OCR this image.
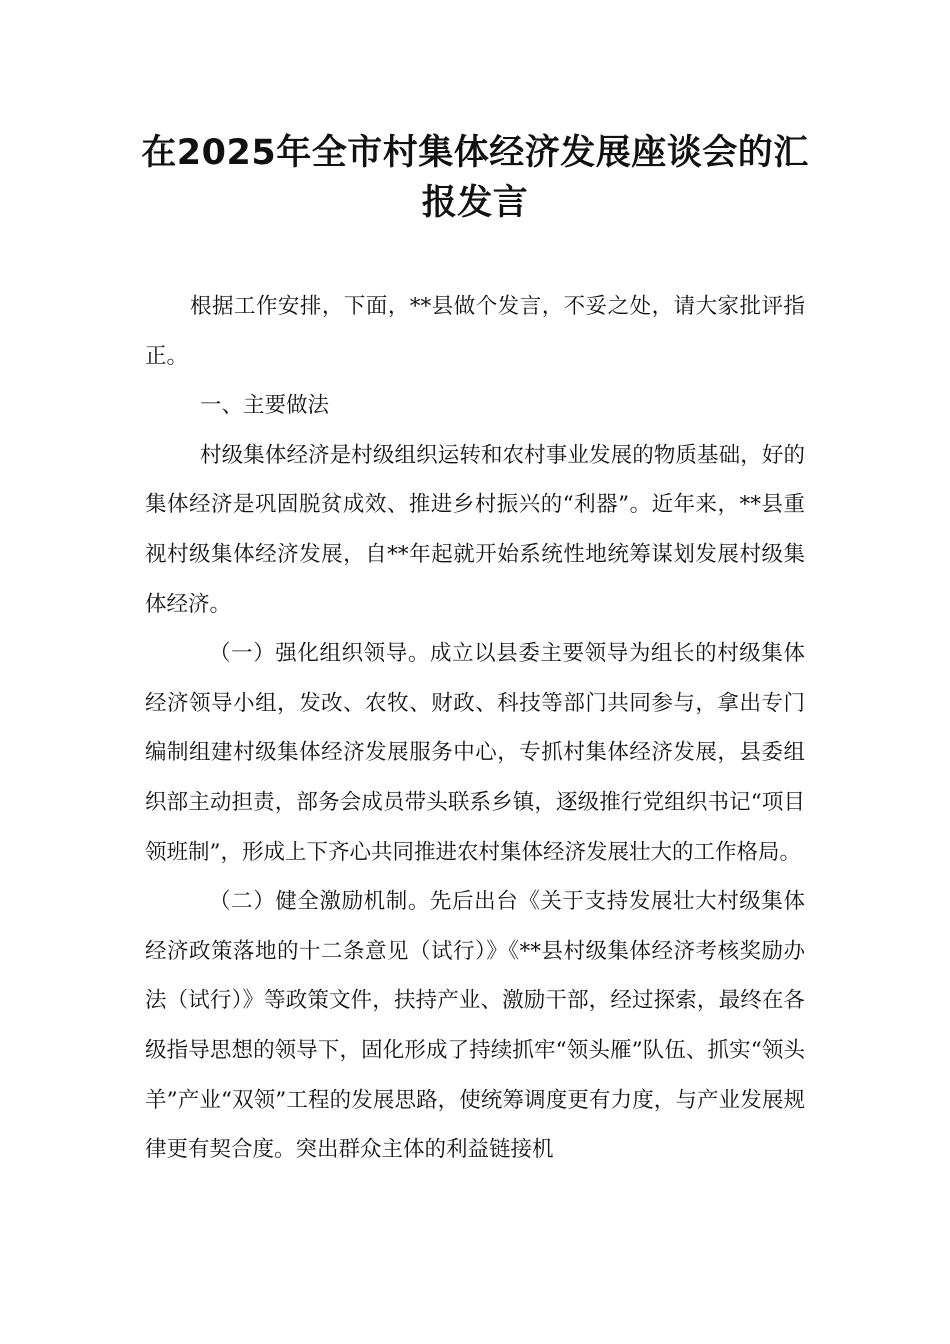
在2025年全市村集体经济发展座谈会的汇报发言

根据工作安排，下面，**县做个发言，不妥之处，请大家批评指正。

一、主要做法

村级集体经济是村级组织运转和农村事业发展的物质基础，好的集体经济是巩固脱贫成效、推进乡村振兴的“利器”。近年来，**县重视村级集体经济发展，自**年起就开始系统性地统筹谋划发展村级集体经济。

（一）强化组织领导。成立以县委主要领导为组长的村级集体经济领导小组，发改、农牧、财政、科技等部门共同参与，拿出专门编制组建村级集体经济发展服务中心，专抓村集体经济发展，县委组织部主动担责，部务会成员带头联系乡镇，逐级推行党组织书记“项目领班制”，形成上下齐心共同推进农村集体经济发展壮大的工作格局。

（二）健全激励机制。先后出台《关于支持发展壮大村级集体经济政策落地的十二条意见（试行）》《**县村级集体经济考核奖励办法（试行）》等政策文件，扶持产业、激励干部，经过探索，最终在各级指导思想的领导下，固化形成了持续抓牢“领头雁”队伍、抓实“领头羊”产业“双领”工程的发展思路，使统筹调度更有力度，与产业发展规律更有契合度。突出群众主体的利益链接机
